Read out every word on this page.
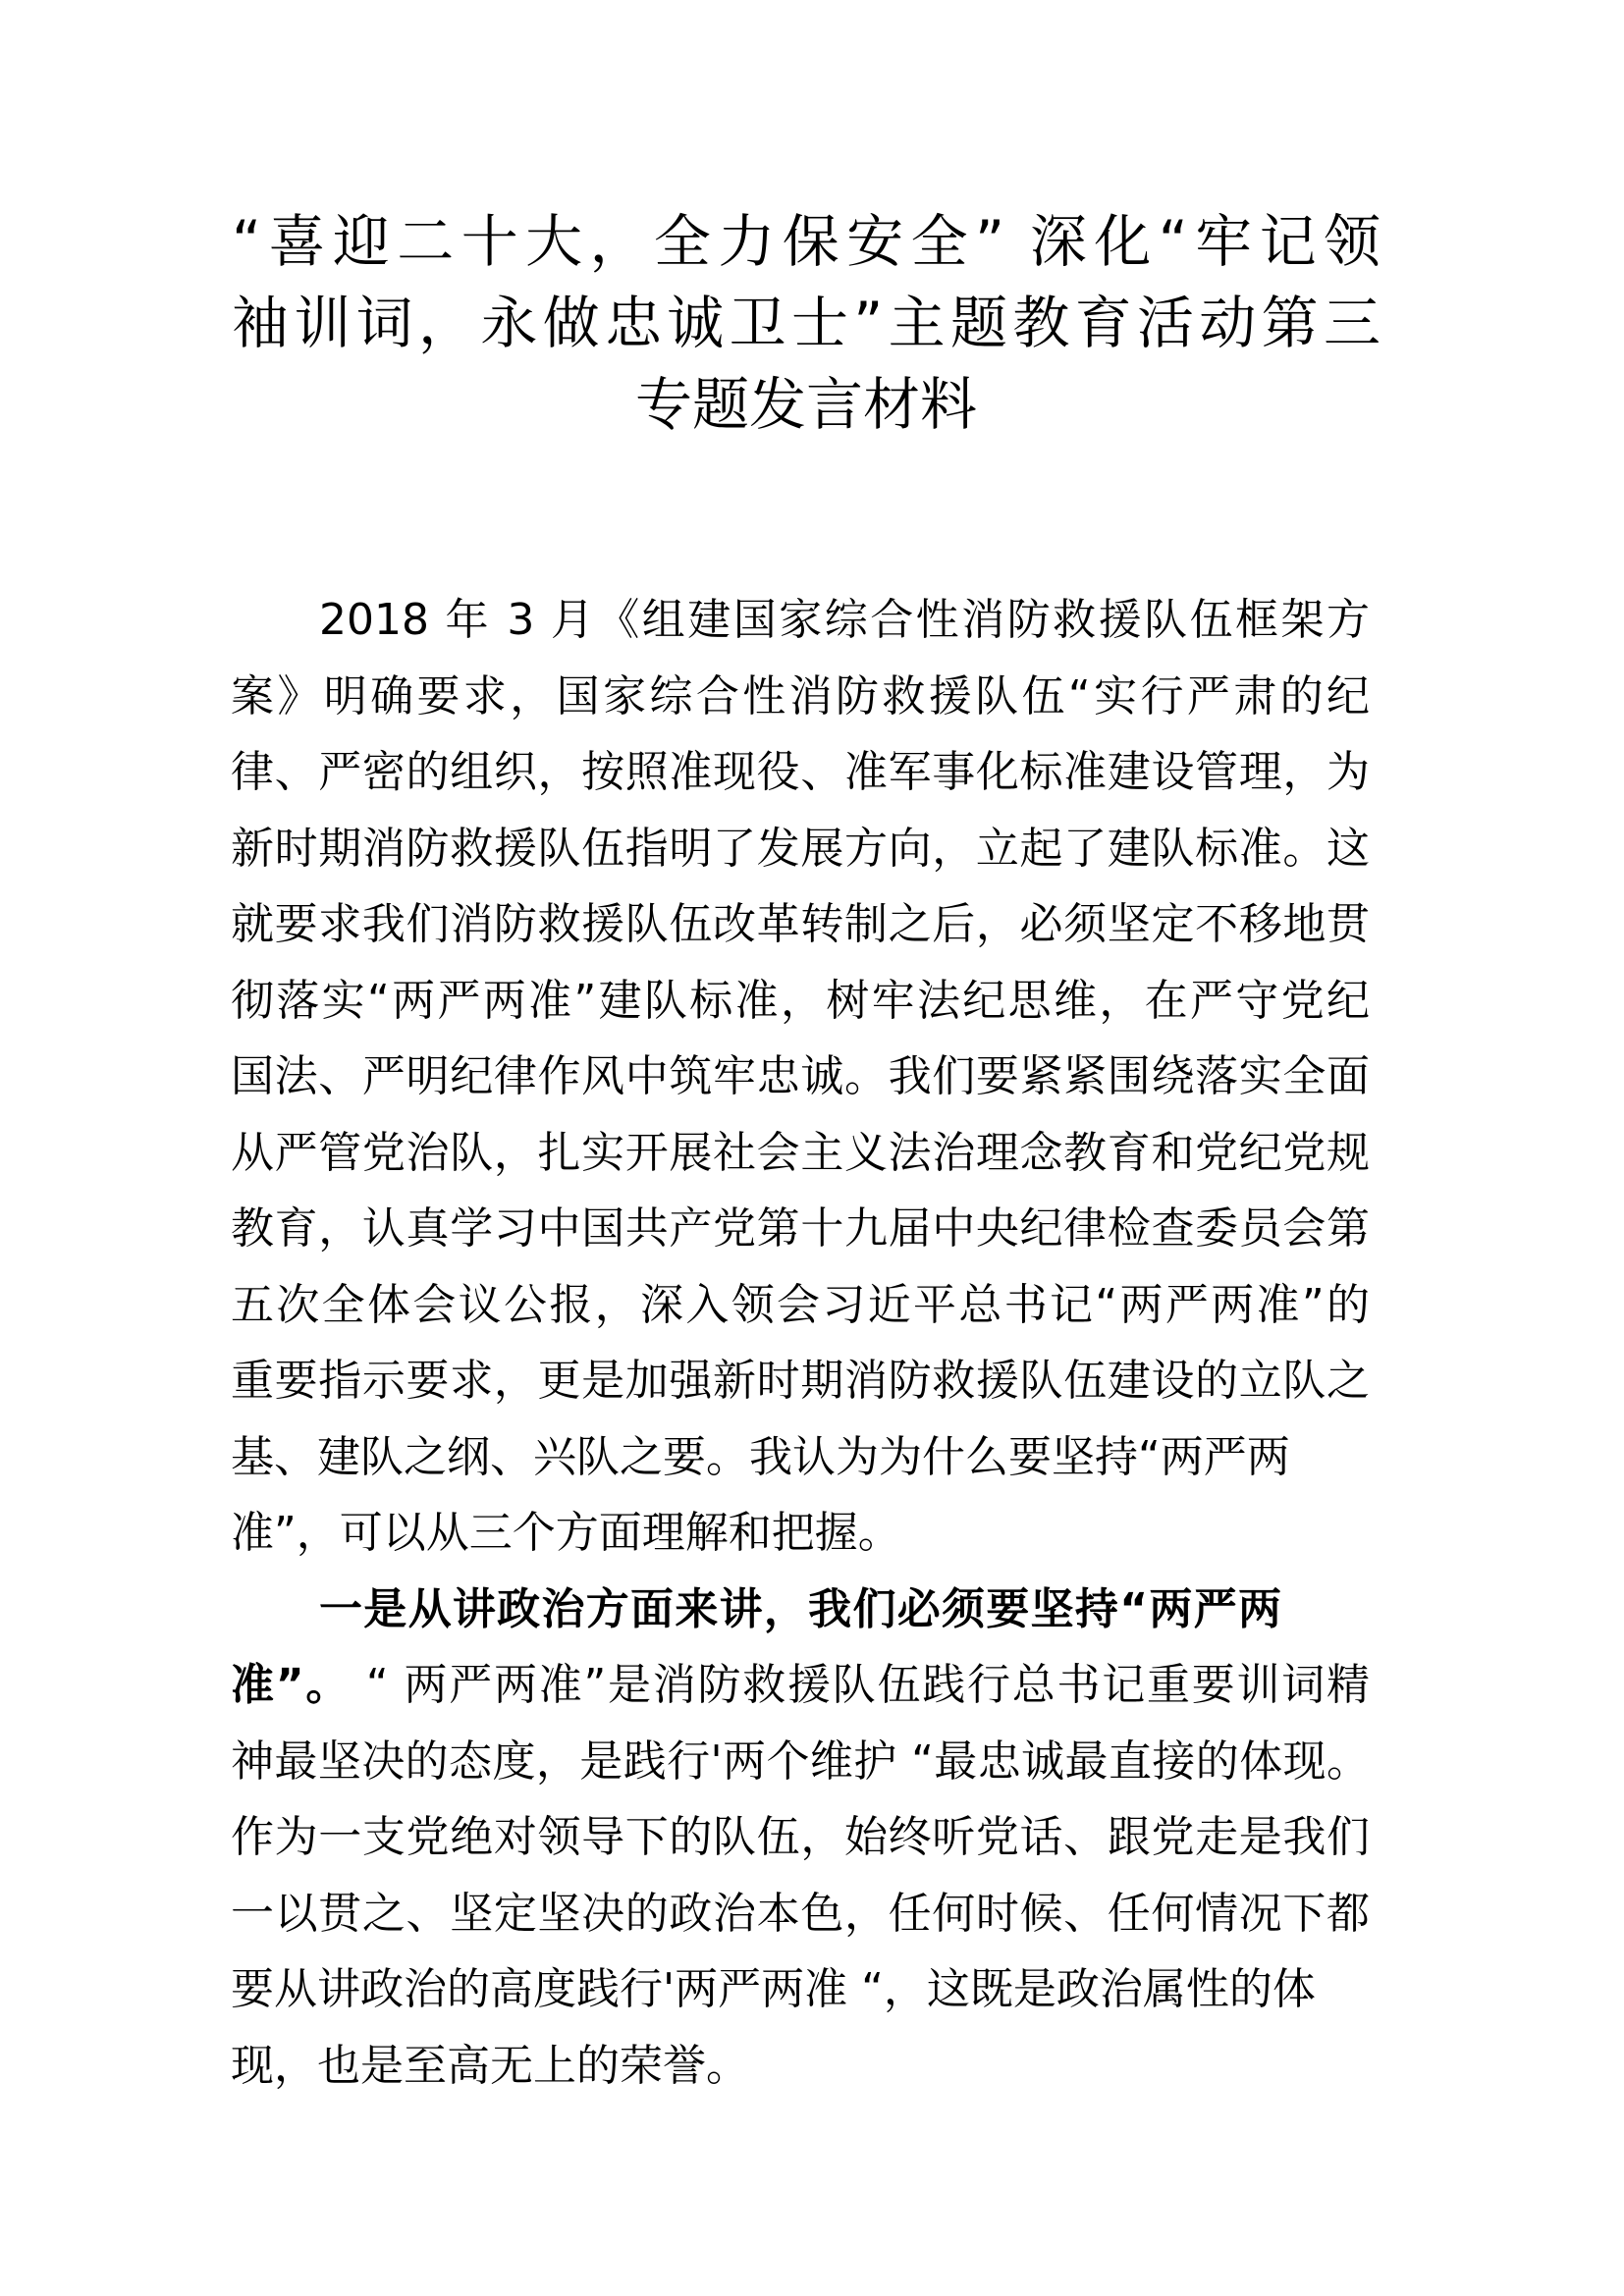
“喜迎二十大，全力保安全” 深化“牢记领
袖训词，永做忠诚卫士”主题教育活动第三
专题发言材料
2018 年 3 月《组建国家综合性消防救援队伍框架方
案》明确要求，国家综合性消防救援队伍“实行严肃的纪
律、严密的组织，按照准现役、准军事化标准建设管理，为
新时期消防救援队伍指明了发展方向，立起了建队标准。这
就要求我们消防救援队伍改革转制之后，必须坚定不移地贯
彻落实“两严两准”建队标准，树牢法纪思维，在严守党纪
国法、严明纪律作风中筑牢忠诚。我们要紧紧围绕落实全面
从严管党治队，扎实开展社会主义法治理念教育和党纪党规
教育，认真学习中国共产党第十九届中央纪律检查委员会第
五次全体会议公报，深入领会习近平总书记“两严两准”的
重要指示要求，更是加强新时期消防救援队伍建设的立队之
基、建队之纲、兴队之要。我认为为什么要坚持“两严两
准”，可以从三个方面理解和把握。
一是从讲政治方面来讲，我们必须要坚持“两严两
准”。 “ 两严两准”是消防救援队伍践行总书记重要训词精
神最坚决的态度，是践行'两个维护 “最忠诚最直接的体现。
作为一支党绝对领导下的队伍，始终听党话、跟党走是我们
一以贯之、坚定坚决的政治本色，任何时候、任何情况下都
要从讲政治的高度践行'两严两准 “，这既是政治属性的体
现，也是至高无上的荣誉。
